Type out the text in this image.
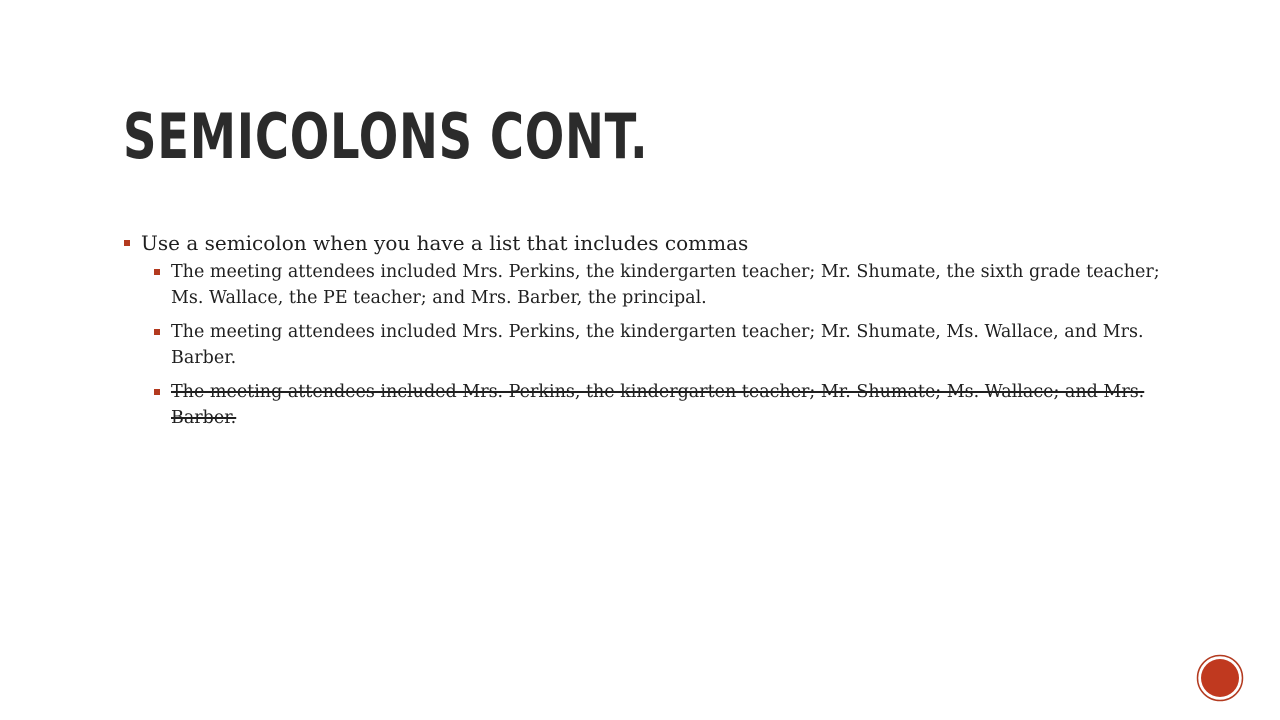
SEMICOLONS CONT.
Use a semicolon when you have a list that includes commas
The meeting attendees included Mrs. Perkins, the kindergarten teacher; Mr. Shumate, the sixth grade teacher; Ms. Wallace, the PE teacher; and Mrs. Barber, the principal.
The meeting attendees included Mrs. Perkins, the kindergarten teacher; Mr. Shumate, Ms. Wallace, and Mrs. Barber.
The meeting attendees included Mrs. Perkins, the kindergarten teacher; Mr. Shumate; Ms. Wallace; and Mrs. Barber.
